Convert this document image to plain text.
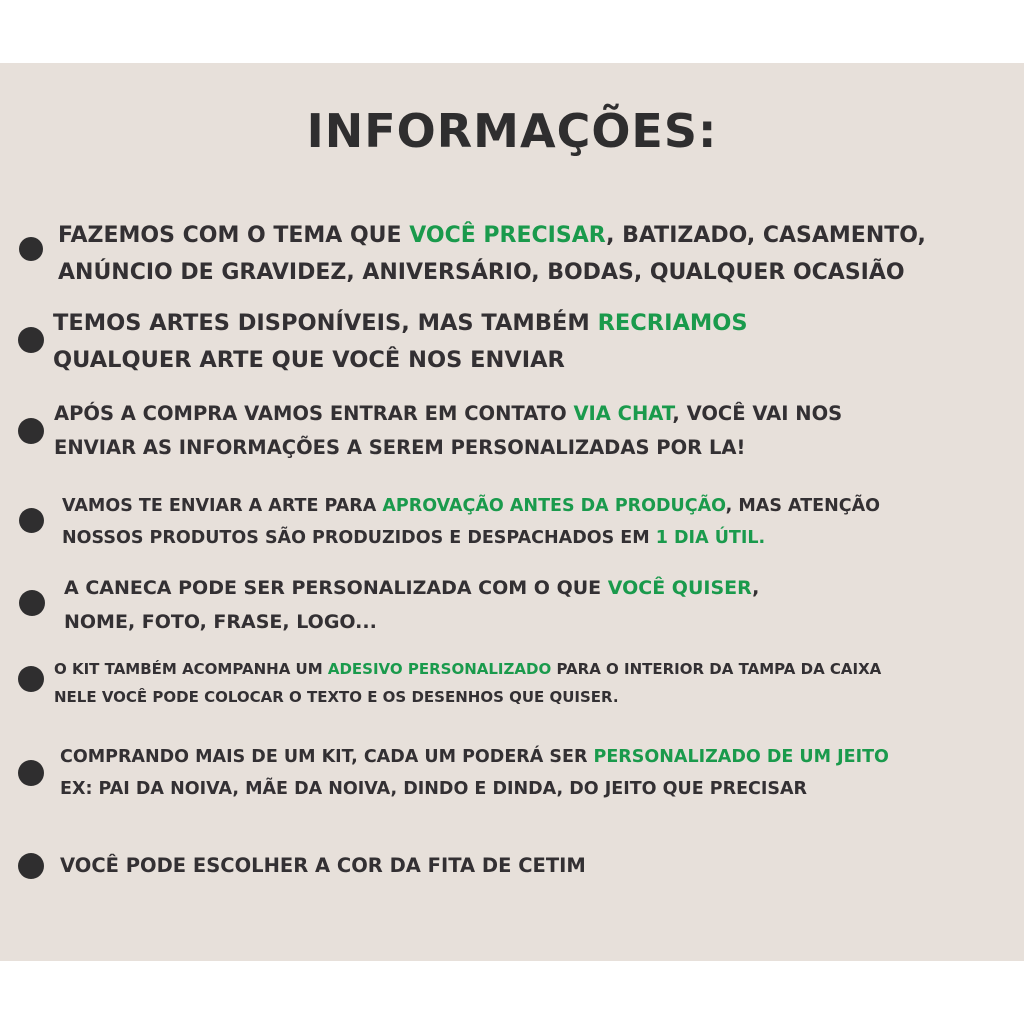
INFORMAÇÕES:
FAZEMOS COM O TEMA QUE VOCÊ PRECISAR, BATIZADO, CASAMENTO,
ANÚNCIO DE GRAVIDEZ, ANIVERSÁRIO, BODAS, QUALQUER OCASIÃO
TEMOS ARTES DISPONÍVEIS, MAS TAMBÉM RECRIAMOS
QUALQUER ARTE QUE VOCÊ NOS ENVIAR
APÓS A COMPRA VAMOS ENTRAR EM CONTATO VIA CHAT, VOCÊ VAI NOS
ENVIAR AS INFORMAÇÕES A SEREM PERSONALIZADAS POR LA!
VAMOS TE ENVIAR A ARTE PARA APROVAÇÃO ANTES DA PRODUÇÃO, MAS ATENÇÃO
NOSSOS PRODUTOS SÃO PRODUZIDOS E DESPACHADOS EM 1 DIA ÚTIL.
A CANECA PODE SER PERSONALIZADA COM O QUE VOCÊ QUISER,
NOME, FOTO, FRASE, LOGO...
O KIT TAMBÉM ACOMPANHA UM ADESIVO PERSONALIZADO PARA O INTERIOR DA TAMPA DA CAIXA
NELE VOCÊ PODE COLOCAR O TEXTO E OS DESENHOS QUE QUISER.
COMPRANDO MAIS DE UM KIT, CADA UM PODERÁ SER PERSONALIZADO DE UM JEITO
EX: PAI DA NOIVA, MÃE DA NOIVA, DINDO E DINDA, DO JEITO QUE PRECISAR
VOCÊ PODE ESCOLHER A COR DA FITA DE CETIM
